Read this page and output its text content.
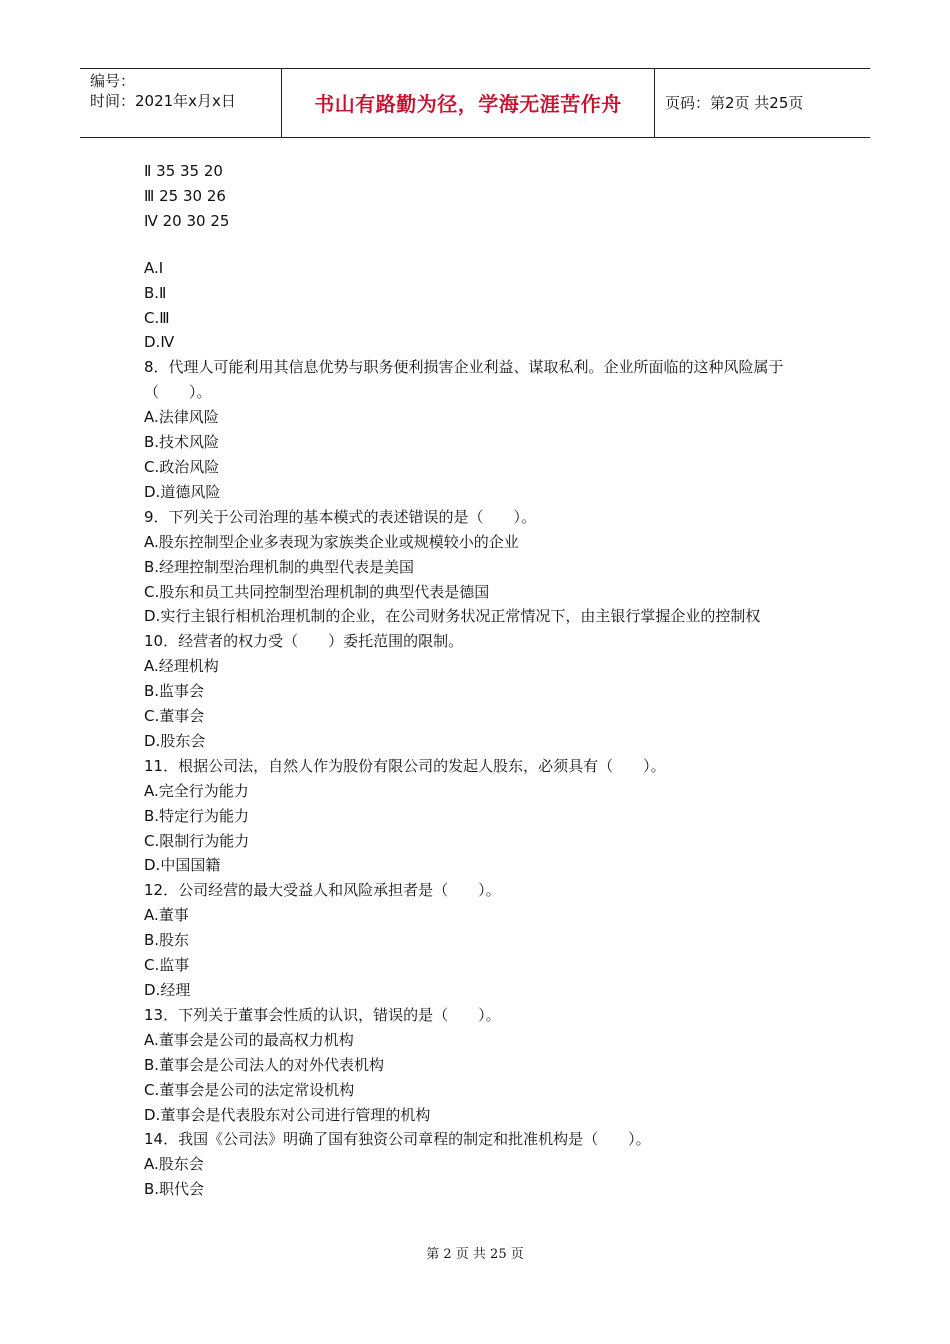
编号：
时间：2021年x月x日	书山有路勤为径，学海无涯苦作舟	页码：第2页 共25页
Ⅱ 35 35 20
Ⅲ 25 30 26
Ⅳ 20 30 25
A.Ⅰ
B.Ⅱ
C.Ⅲ
D.Ⅳ
8．代理人可能利用其信息优势与职务便利损害企业利益、谋取私利。企业所面临的这种风险属于（　　）。
A.法律风险
B.技术风险
C.政治风险
D.道德风险
9．下列关于公司治理的基本模式的表述错误的是（　　）。
A.股东控制型企业多表现为家族类企业或规模较小的企业
B.经理控制型治理机制的典型代表是美国
C.股东和员工共同控制型治理机制的典型代表是德国
D.实行主银行相机治理机制的企业，在公司财务状况正常情况下，由主银行掌握企业的控制权
10．经营者的权力受（　　）委托范围的限制。
A.经理机构
B.监事会
C.董事会
D.股东会
11．根据公司法，自然人作为股份有限公司的发起人股东，必须具有（　　）。
A.完全行为能力
B.特定行为能力
C.限制行为能力
D.中国国籍
12．公司经营的最大受益人和风险承担者是（　　）。
A.董事
B.股东
C.监事
D.经理
13．下列关于董事会性质的认识，错误的是（　　）。
A.董事会是公司的最高权力机构
B.董事会是公司法人的对外代表机构
C.董事会是公司的法定常设机构
D.董事会是代表股东对公司进行管理的机构
14．我国《公司法》明确了国有独资公司章程的制定和批准机构是（　　）。
A.股东会
B.职代会
第 2 页 共 25 页
